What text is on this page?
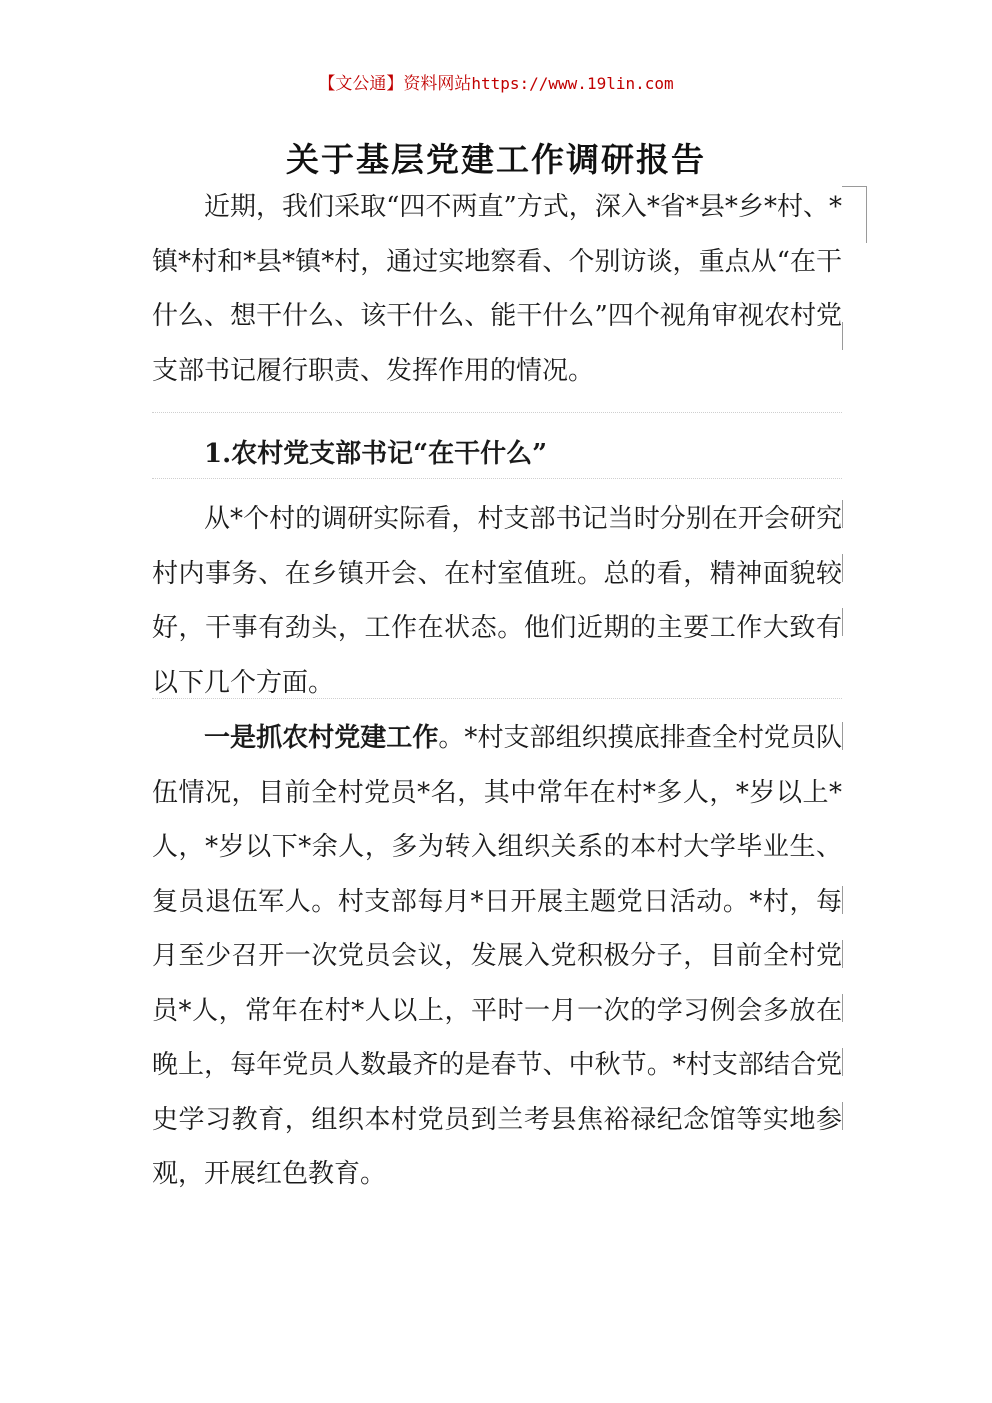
【文公通】资料网站https://www.19lin.com
关于基层党建工作调研报告

近期，我们采取“四不两直”方式，深入*省*县*乡*村、*镇*村和*县*镇*村，通过实地察看、个别访谈，重点从“在干什么、想干什么、该干什么、能干什么”四个视角审视农村党支部书记履行职责、发挥作用的情况。

1.农村党支部书记“在干什么”

从*个村的调研实际看，村支部书记当时分别在开会研究村内事务、在乡镇开会、在村室值班。总的看，精神面貌较好，干事有劲头，工作在状态。他们近期的主要工作大致有以下几个方面。

一是抓农村党建工作。*村支部组织摸底排查全村党员队伍情况，目前全村党员*名，其中常年在村*多人，*岁以上*人，*岁以下*余人，多为转入组织关系的本村大学毕业生、复员退伍军人。村支部每月*日开展主题党日活动。*村，每月至少召开一次党员会议，发展入党积极分子，目前全村党员*人，常年在村*人以上，平时一月一次的学习例会多放在晚上，每年党员人数最齐的是春节、中秋节。*村支部结合党史学习教育，组织本村党员到兰考县焦裕禄纪念馆等实地参观，开展红色教育。
